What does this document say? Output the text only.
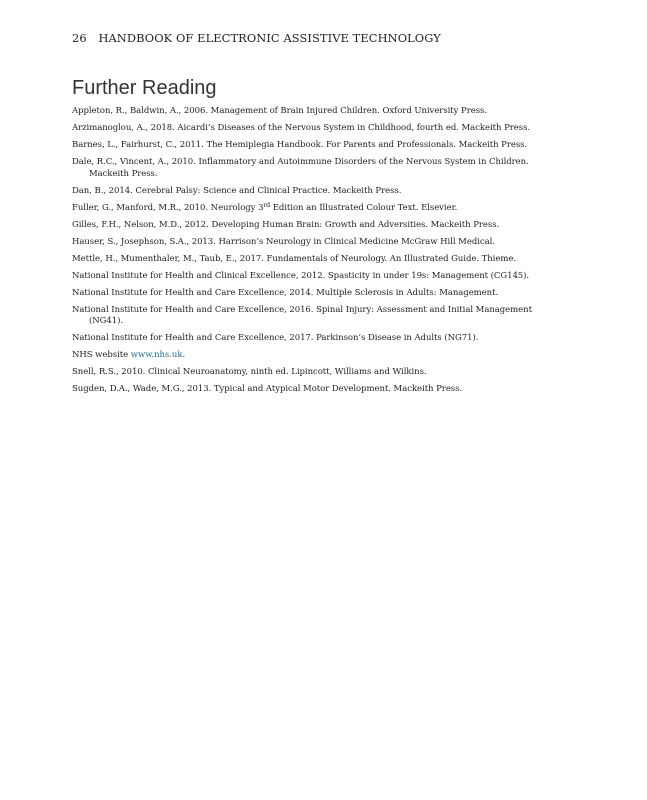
26 HANDBOOK OF ELECTRONIC ASSISTIVE TECHNOLOGY
Further Reading
Appleton, R., Baldwin, A., 2006. Management of Brain Injured Children. Oxford University Press.
Arzimanoglou, A., 2018. Aicardi’s Diseases of the Nervous System in Childhood, fourth ed. Mackeith Press.
Barnes, L., Fairhurst, C., 2011. The Hemiplegia Handbook. For Parents and Professionals. Mackeith Press.
Dale, R.C., Vincent, A., 2010. Inflammatory and Autoimmune Disorders of the Nervous System in Children. Mackeith Press.
Dan, B., 2014. Cerebral Palsy: Science and Clinical Practice. Mackeith Press.
Fuller, G., Manford, M.R., 2010. Neurology 3rd Edition an Illustrated Colour Text. Elsevier.
Gilles, F.H., Nelson, M.D., 2012. Developing Human Brain: Growth and Adversities. Mackeith Press.
Hauser, S., Josephson, S.A., 2013. Harrison’s Neurology in Clinical Medicine McGraw Hill Medical.
Mettle, H., Mumenthaler, M., Taub, E., 2017. Fundamentals of Neurology. An Illustrated Guide. Thieme.
National Institute for Health and Clinical Excellence, 2012. Spasticity in under 19s: Management (CG145).
National Institute for Health and Care Excellence, 2014. Multiple Sclerosis in Adults: Management.
National Institute for Health and Care Excellence, 2016. Spinal Injury: Assessment and Initial Management (NG41).
National Institute for Health and Care Excellence, 2017. Parkinson’s Disease in Adults (NG71).
NHS website www.nhs.uk.
Snell, R.S., 2010. Clinical Neuroanatomy, ninth ed. Lipincott, Williams and Wilkins.
Sugden, D.A., Wade, M.G., 2013. Typical and Atypical Motor Development. Mackeith Press.
